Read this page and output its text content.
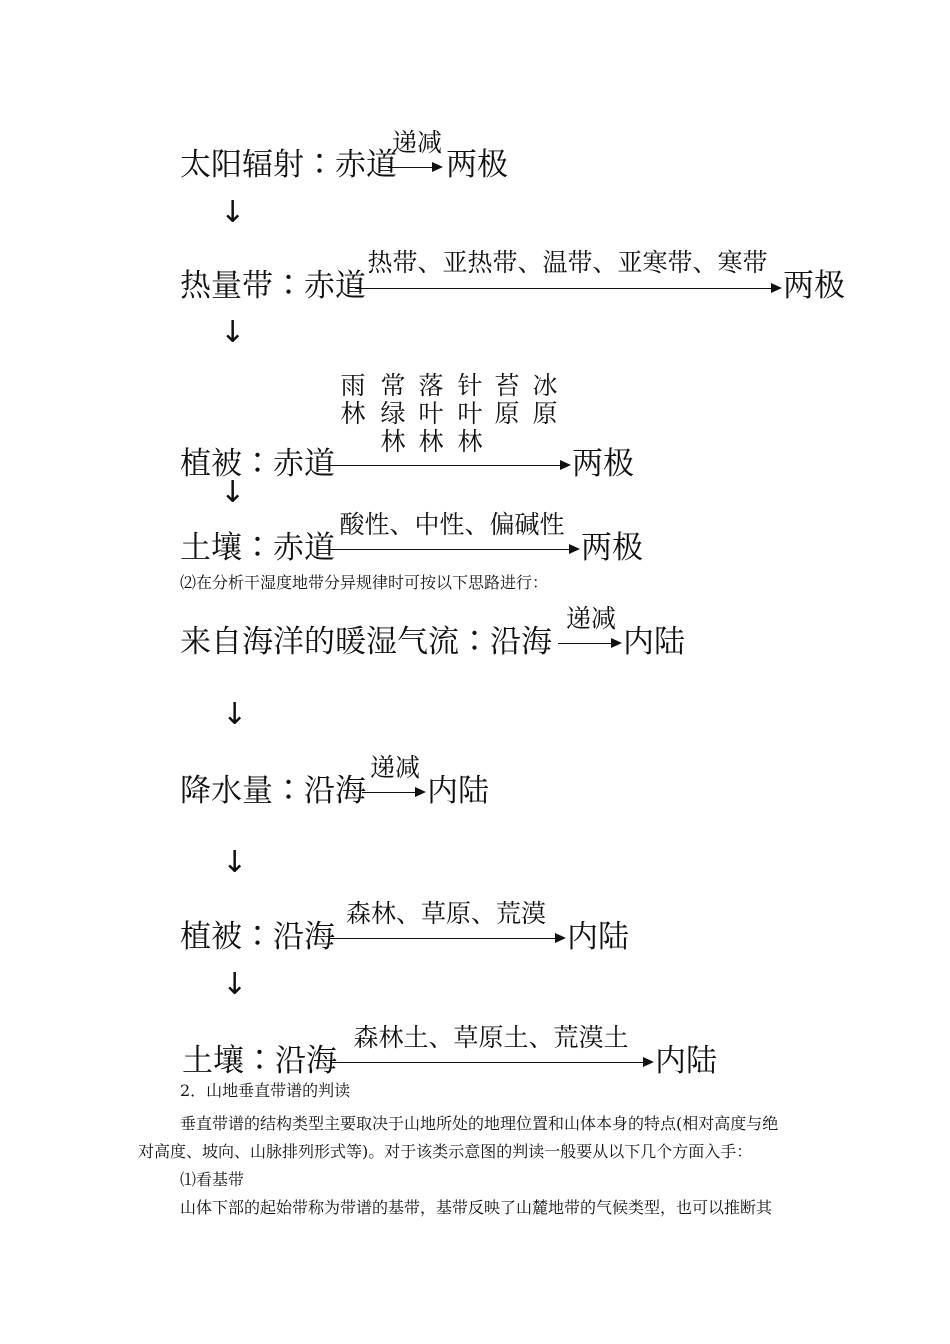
太阳辐射∶赤道
递减
两极
↓
热量带∶赤道
热带、亚热带、温带、亚寒带、寒带
两极
↓
雨
林
常
绿
林
落
叶
林
针
叶
林
苔
原
冰
原
植被∶赤道	两极
↓
土壤∶赤道
酸性、中性、偏碱性
两极
⑵在分析干湿度地带分异规律时可按以下思路进行：
来自海洋的暖湿气流∶沿海
递减
内陆
↓
降水量∶沿海
递减
内陆
↓
植被∶沿海
森林、草原、荒漠
内陆
↓
土壤∶沿海
森林土、草原土、荒漠土
内陆
2．山地垂直带谱的判读
垂直带谱的结构类型主要取决于山地所处的地理位置和山体本身的特点(相对高度与绝
对高度、坡向、山脉排列形式等)。对于该类示意图的判读一般要从以下几个方面入手：
⑴看基带
山体下部的起始带称为带谱的基带，基带反映了山麓地带的气候类型，也可以推断其
